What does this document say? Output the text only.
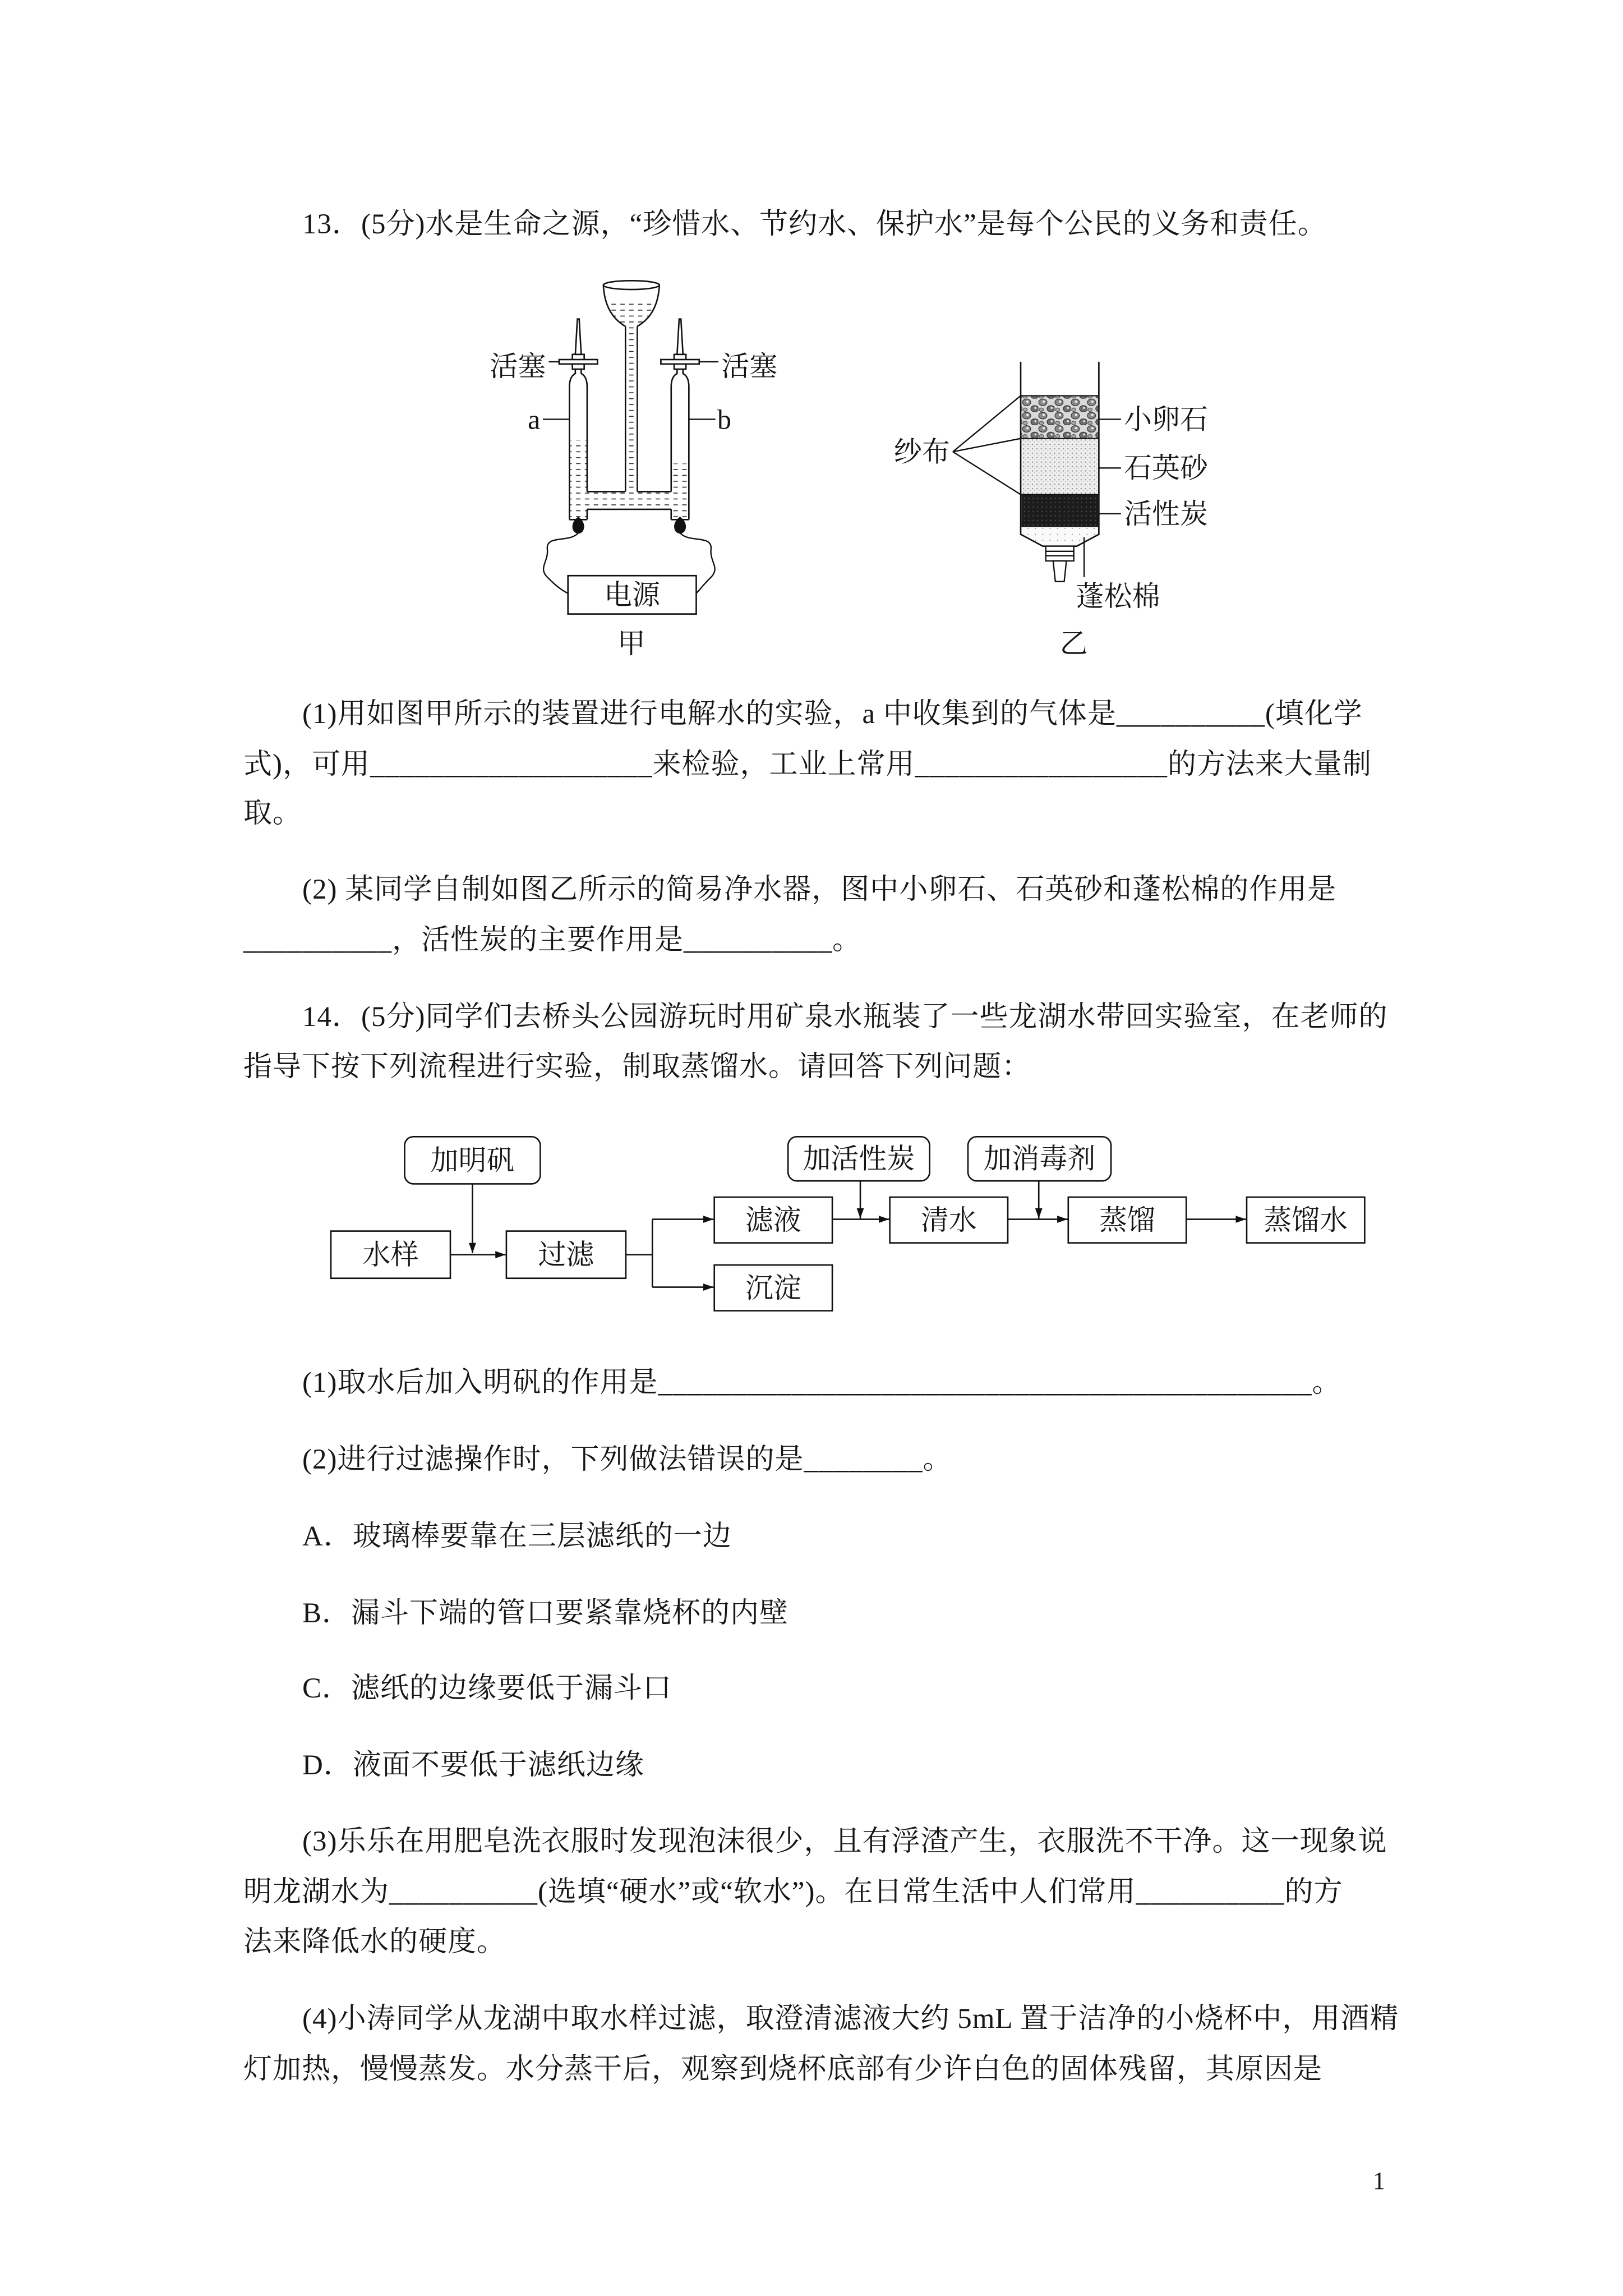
13．(5分)水是生命之源，“珍惜水、节约水、保护水”是每个公民的义务和责任。
电源
活塞	活塞
a	b
甲
纱布
小卵石
石英砂
活性炭
蓬松棉
乙
(1)用如图甲所示的装置进行电解水的实验，a 中收集到的气体是__________(填化学
式)，可用___________________来检验，工业上常用_________________的方法来大量制
取。
(2) 某同学自制如图乙所示的简易净水器，图中小卵石、石英砂和蓬松棉的作用是
__________，活性炭的主要作用是__________。
14．(5分)同学们去桥头公园游玩时用矿泉水瓶装了一些龙湖水带回实验室，在老师的
指导下按下列流程进行实验，制取蒸馏水。请回答下列问题：
加明矾
水样	过滤
滤液
沉淀
加活性炭	加消毒剂
清水	蒸馏	蒸馏水
(1)取水后加入明矾的作用是____________________________________________。
(2)进行过滤操作时，下列做法错误的是________。
A．玻璃棒要靠在三层滤纸的一边
B．漏斗下端的管口要紧靠烧杯的内壁
C．滤纸的边缘要低于漏斗口
D．液面不要低于滤纸边缘
(3)乐乐在用肥皂洗衣服时发现泡沫很少，且有浮渣产生，衣服洗不干净。这一现象说
明龙湖水为__________(选填“硬水”或“软水”)。在日常生活中人们常用__________的方
法来降低水的硬度。
(4)小涛同学从龙湖中取水样过滤，取澄清滤液大约 5mL 置于洁净的小烧杯中，用酒精
灯加热，慢慢蒸发。水分蒸干后，观察到烧杯底部有少许白色的固体残留，其原因是
1
